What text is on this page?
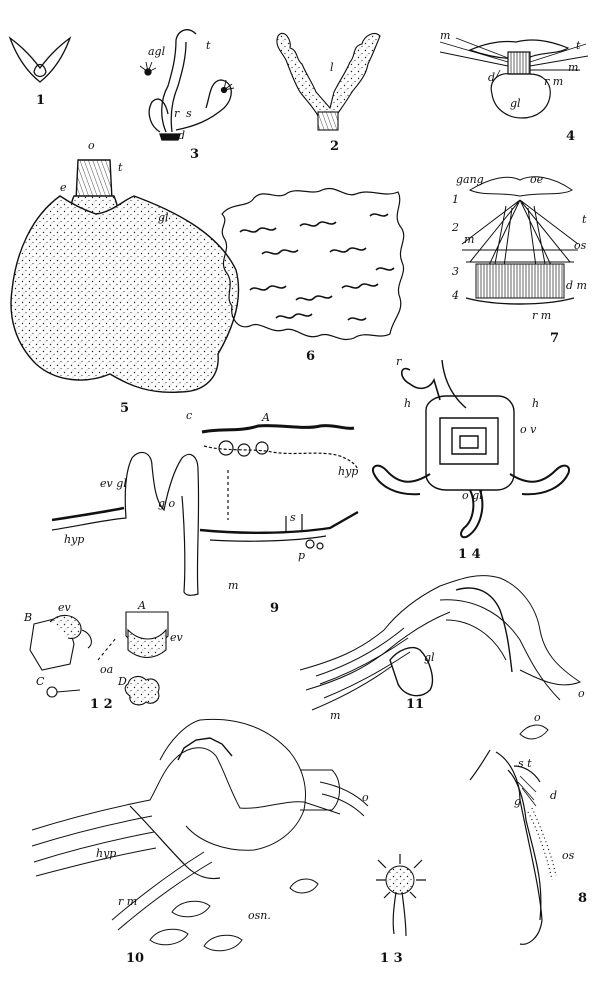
1
2
3
4
5
6
7
8
9
10
11
1 2
1 3
1 4
l
agl	t
r s
d
m
t
m
r m
d
gl
o
t
e
gl
gang	oe
1
2
m
t
os
3
d m
4
r m
s t
g	d
os
c	A
ev gl
g o
hyp
hyp
s
p
m
hyp
r m
o
osn.
gl
m
o
o
B
ev	A
ev
oa
C	D
r
h	h
o v
o gl
